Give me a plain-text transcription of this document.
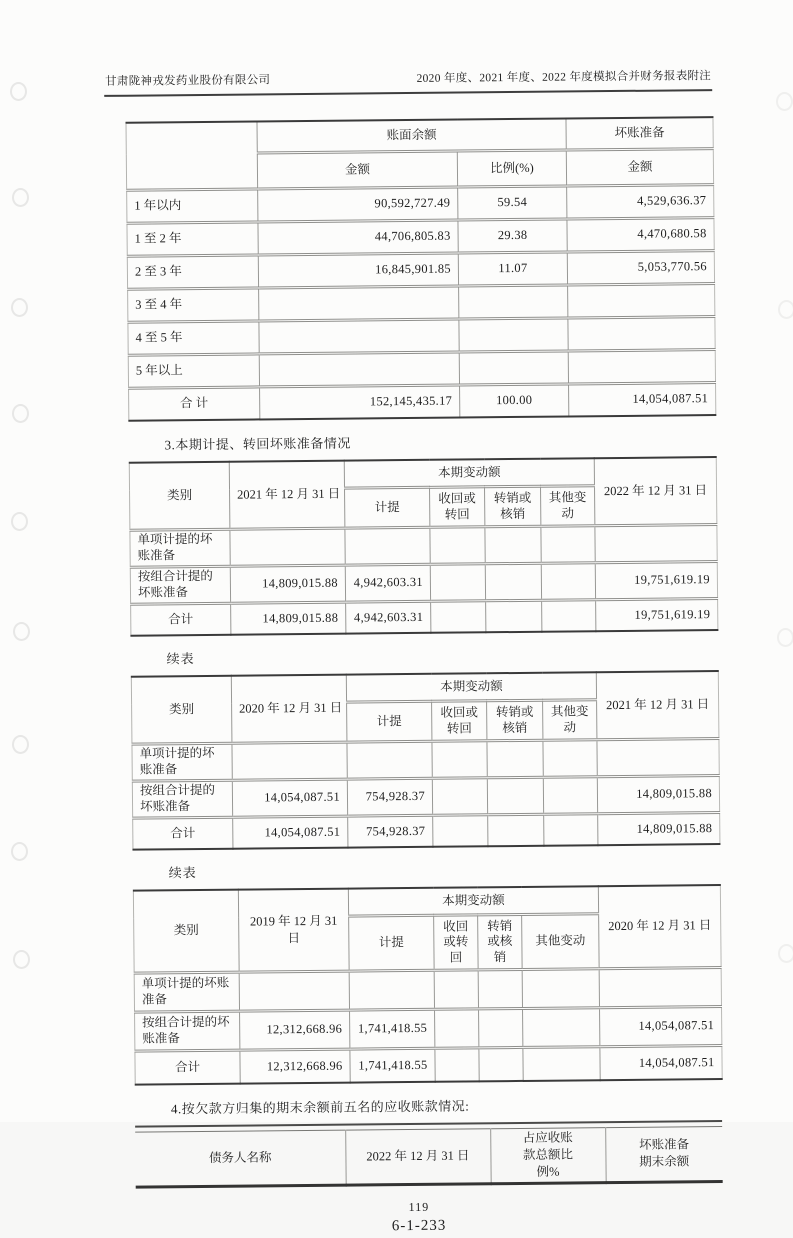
甘肃陇神戎发药业股份有限公司	2020 年度、2021 年度、2022 年度模拟合并财务报表附注
	账面余额		坏账准备
	金额	比例(%)	金额
1 年以内	90,592,727.49	59.54	4,529,636.37
1 至 2 年	44,706,805.83	29.38	4,470,680.58
2 至 3 年	16,845,901.85	11.07	5,053,770.56
3 至 4 年			
4 至 5 年			
5 年以上			
合 计	152,145,435.17	100.00	14,054,087.51
3.本期计提、转回坏账准备情况
类别	2021 年 12 月 31 日	本期变动额				2022 年 12 月 31 日
		计提	收回或转回	转销或核销	其他变动	
单项计提的坏账准备						
按组合计提的坏账准备	14,809,015.88	4,942,603.31				19,751,619.19
合计	14,809,015.88	4,942,603.31				19,751,619.19
续表
类别	2020 年 12 月 31 日	本期变动额				2021 年 12 月 31 日
		计提	收回或转回	转销或核销	其他变动	
单项计提的坏账准备						
按组合计提的坏账准备	14,054,087.51	754,928.37				14,809,015.88
合计	14,054,087.51	754,928.37				14,809,015.88
续表
类别	2019 年 12 月 31 日	本期变动额				2020 年 12 月 31 日
		计提	收回或转回	转销或核销	其他变动	
单项计提的坏账准备						
按组合计提的坏账准备	12,312,668.96	1,741,418.55				14,054,087.51
合计	12,312,668.96	1,741,418.55				14,054,087.51
4.按欠款方归集的期末余额前五名的应收账款情况:
债务人名称	2022 年 12 月 31 日	占应收账款总额比例%	坏账准备期末余额
119
6-1-233
